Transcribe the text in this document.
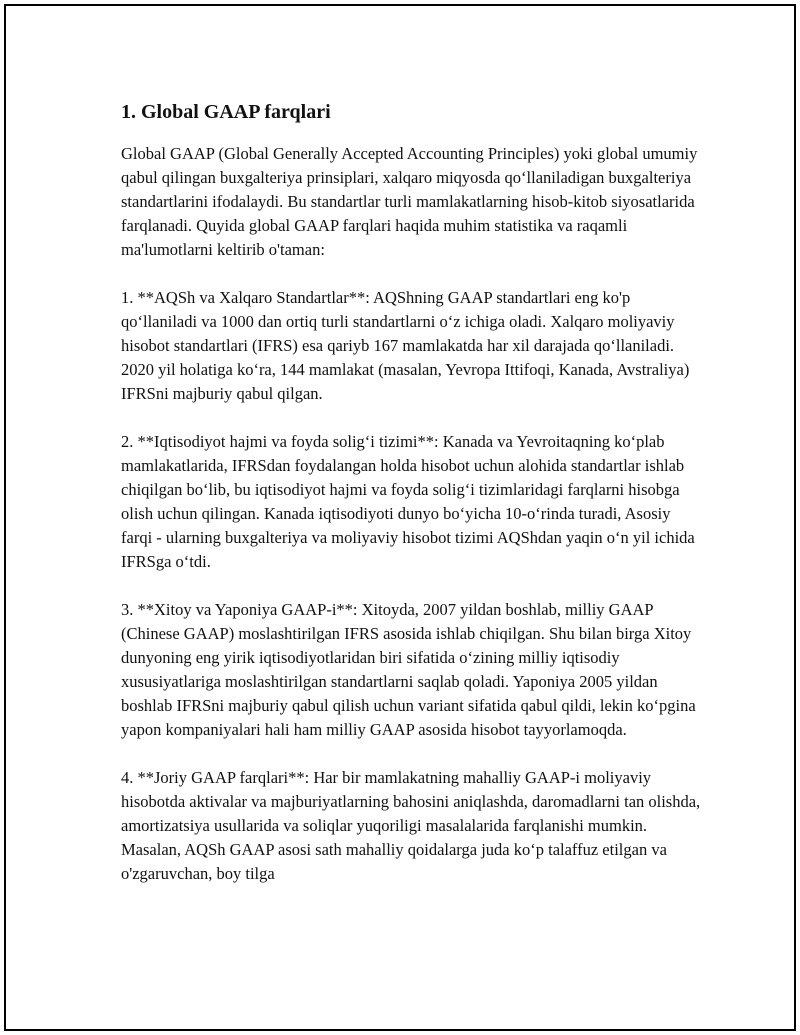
1. Global GAAP farqlari

Global GAAP (Global Generally Accepted Accounting Principles) yoki global umumiy qabul qilingan buxgalteriya prinsiplari, xalqaro miqyosda qo‘llaniladigan buxgalteriya standartlarini ifodalaydi. Bu standartlar turli mamlakatlarning hisob-kitob siyosatlarida farqlanadi. Quyida global GAAP farqlari haqida muhim statistika va raqamli ma'lumotlarni keltirib o'taman:

1. **AQSh va Xalqaro Standartlar**: AQShning GAAP standartlari eng ko'p qo‘llaniladi va 1000 dan ortiq turli standartlarni o‘z ichiga oladi. Xalqaro moliyaviy hisobot standartlari (IFRS) esa qariyb 167 mamlakatda har xil darajada qo‘llaniladi. 2020 yil holatiga ko‘ra, 144 mamlakat (masalan, Yevropa Ittifoqi, Kanada, Avstraliya) IFRSni majburiy qabul qilgan.

2. **Iqtisodiyot hajmi va foyda solig‘i tizimi**: Kanada va Yevroitaqning ko‘plab mamlakatlarida, IFRSdan foydalangan holda hisobot uchun alohida standartlar ishlab chiqilgan bo‘lib, bu iqtisodiyot hajmi va foyda solig‘i tizimlaridagi farqlarni hisobga olish uchun qilingan. Kanada iqtisodiyoti dunyo bo‘yicha 10-o‘rinda turadi, Asosiy farqi - ularning buxgalteriya va moliyaviy hisobot tizimi AQShdan yaqin o‘n yil ichida IFRSga o‘tdi.

3. **Xitoy va Yaponiya GAAP-i**: Xitoyda, 2007 yildan boshlab, milliy GAAP (Chinese GAAP) moslashtirilgan IFRS asosida ishlab chiqilgan. Shu bilan birga Xitoy dunyoning eng yirik iqtisodiyotlaridan biri sifatida o‘zining milliy iqtisodiy xususiyatlariga moslashtirilgan standartlarni saqlab qoladi. Yaponiya 2005 yildan boshlab IFRSni majburiy qabul qilish uchun variant sifatida qabul qildi, lekin ko‘pgina yapon kompaniyalari hali ham milliy GAAP asosida hisobot tayyorlamoqda.

4. **Joriy GAAP farqlari**: Har bir mamlakatning mahalliy GAAP-i moliyaviy hisobotda aktivalar va majburiyatlarning bahosini aniqlashda, daromadlarni tan olishda, amortizatsiya usullarida va soliqlar yuqoriligi masalalarida farqlanishi mumkin. Masalan, AQSh GAAP asosi sath mahalliy qoidalarga juda ko‘p talaffuz etilgan va o'zgaruvchan, boy tilga
